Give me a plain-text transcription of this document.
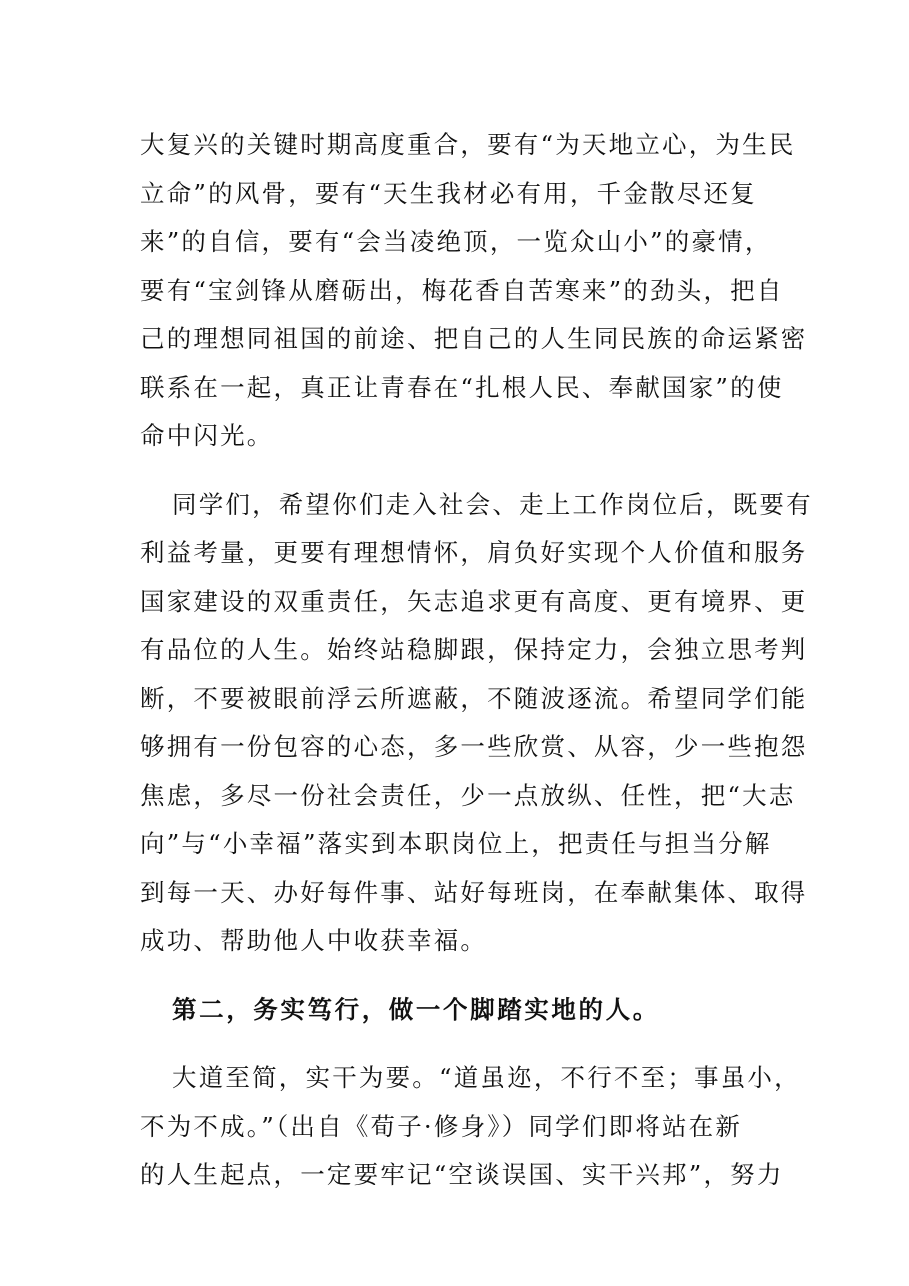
大复兴的关键时期高度重合，要有“为天地立心，为生民
立命”的风骨，要有“天生我材必有用，千金散尽还复
来”的自信，要有“会当凌绝顶，一览众山小”的豪情，
要有“宝剑锋从磨砺出，梅花香自苦寒来”的劲头，把自
己的理想同祖国的前途、把自己的人生同民族的命运紧密
联系在一起，真正让青春在“扎根人民、奉献国家”的使
命中闪光。
同学们，希望你们走入社会、走上工作岗位后，既要有
利益考量，更要有理想情怀，肩负好实现个人价值和服务
国家建设的双重责任，矢志追求更有高度、更有境界、更
有品位的人生。始终站稳脚跟，保持定力，会独立思考判
断，不要被眼前浮云所遮蔽，不随波逐流。希望同学们能
够拥有一份包容的心态，多一些欣赏、从容，少一些抱怨
焦虑，多尽一份社会责任，少一点放纵、任性，把“大志
向”与“小幸福”落实到本职岗位上，把责任与担当分解
到每一天、办好每件事、站好每班岗，在奉献集体、取得
成功、帮助他人中收获幸福。
第二，务实笃行，做一个脚踏实地的人。
大道至简，实干为要。“道虽迩，不行不至；事虽小，
不为不成。”（出自《荀子·修身》）同学们即将站在新
的人生起点，一定要牢记“空谈误国、实干兴邦”，努力
